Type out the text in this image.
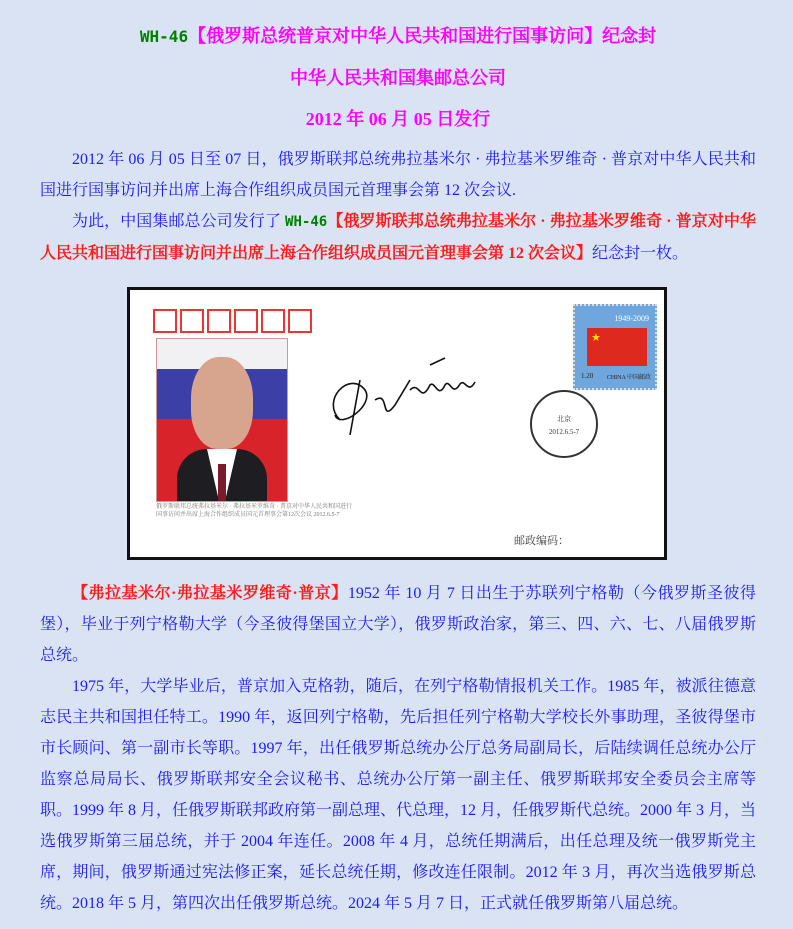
WH-46【俄罗斯总统普京对中华人民共和国进行国事访问】纪念封
中华人民共和国集邮总公司
2012 年 06 月 05 日发行

2012 年 06 月 05 日至 07 日，俄罗斯联邦总统弗拉基米尔 · 弗拉基米罗维奇 · 普京对中华人民共和国进行国事访问并出席上海合作组织成员国元首理事会第 12 次会议.

为此，中国集邮总公司发行了 WH-46【俄罗斯联邦总统弗拉基米尔 · 弗拉基米罗维奇 · 普京对中华人民共和国进行国事访问并出席上海合作组织成员国元首理事会第 12 次会议】纪念封一枚。

俄罗斯联邦总统弗拉基米尔 · 弗拉基米罗维奇 · 普京对中华人民共和国进行国事访问并出席上海合作组织成员国元首理事会第12次会议 2012.6.5-7
1949-2009
★
1.20 CHINA 中国邮政
北京
2012.6.5-7
邮政编码：

【弗拉基米尔·弗拉基米罗维奇·普京】1952 年 10 月 7 日出生于苏联列宁格勒（今俄罗斯圣彼得堡），毕业于列宁格勒大学（今圣彼得堡国立大学），俄罗斯政治家，第三、四、六、七、八届俄罗斯总统。

1975 年，大学毕业后，普京加入克格勃，随后，在列宁格勒情报机关工作。1985 年，被派往德意志民主共和国担任特工。1990 年，返回列宁格勒，先后担任列宁格勒大学校长外事助理，圣彼得堡市市长顾问、第一副市长等职。1997 年，出任俄罗斯总统办公厅总务局副局长，后陆续调任总统办公厅监察总局局长、俄罗斯联邦安全会议秘书、总统办公厅第一副主任、俄罗斯联邦安全委员会主席等职。1999 年 8 月，任俄罗斯联邦政府第一副总理、代总理，12 月，任俄罗斯代总统。2000 年 3 月，当选俄罗斯第三届总统，并于 2004 年连任。2008 年 4 月，总统任期满后，出任总理及统一俄罗斯党主席，期间，俄罗斯通过宪法修正案，延长总统任期，修改连任限制。2012 年 3 月，再次当选俄罗斯总统。2018 年 5 月，第四次出任俄罗斯总统。2024 年 5 月 7 日，正式就任俄罗斯第八届总统。
